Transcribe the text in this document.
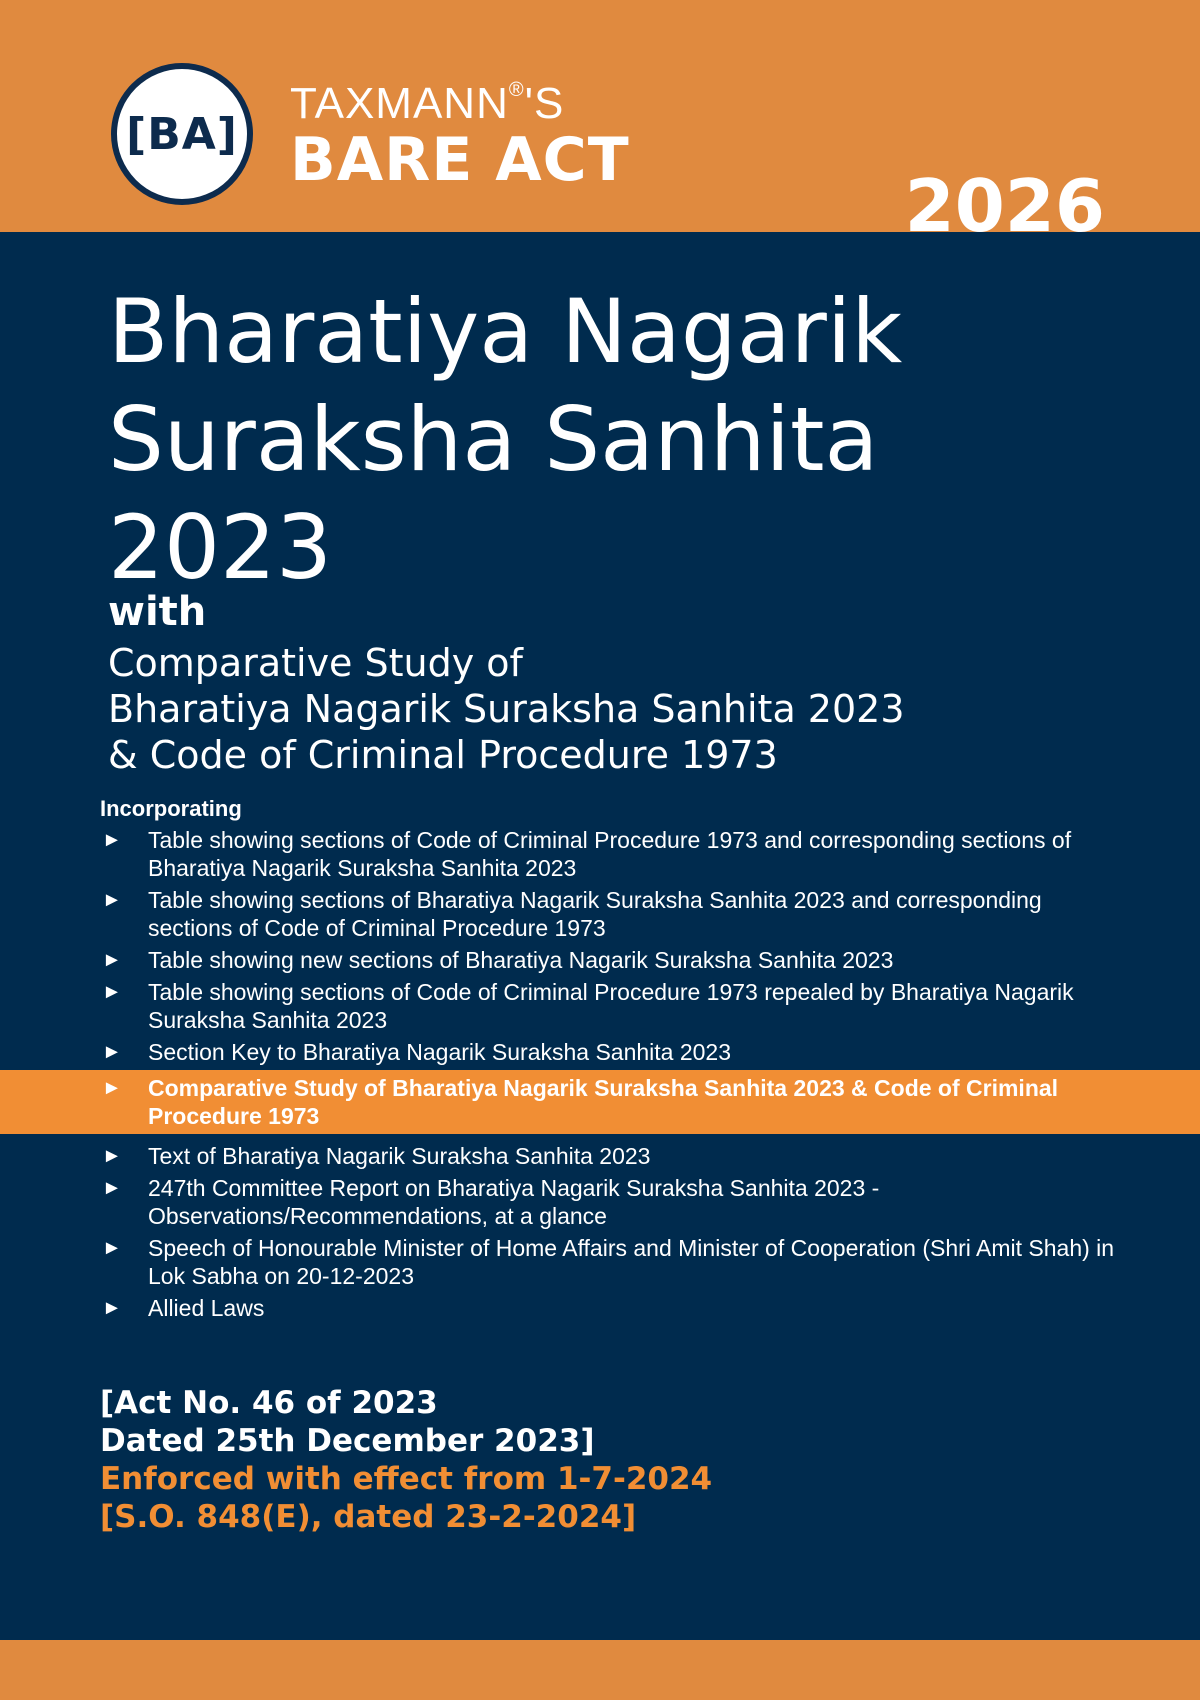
[BA]
TAXMANN®'S
BARE ACT
2026
Bharatiya Nagarik
Suraksha Sanhita
2023
with
Comparative Study of
Bharatiya Nagarik Suraksha Sanhita 2023
& Code of Criminal Procedure 1973
Incorporating
► Table showing sections of Code of Criminal Procedure 1973 and corresponding sections of Bharatiya Nagarik Suraksha Sanhita 2023
► Table showing sections of Bharatiya Nagarik Suraksha Sanhita 2023 and corresponding sections of Code of Criminal Procedure 1973
► Table showing new sections of Bharatiya Nagarik Suraksha Sanhita 2023
► Table showing sections of Code of Criminal Procedure 1973 repealed by Bharatiya Nagarik Suraksha Sanhita 2023
► Section Key to Bharatiya Nagarik Suraksha Sanhita 2023
► Comparative Study of Bharatiya Nagarik Suraksha Sanhita 2023 & Code of Criminal Procedure 1973
► Text of Bharatiya Nagarik Suraksha Sanhita 2023
► 247th Committee Report on Bharatiya Nagarik Suraksha Sanhita 2023 - Observations/Recommendations, at a glance
► Speech of Honourable Minister of Home Affairs and Minister of Cooperation (Shri Amit Shah) in Lok Sabha on 20-12-2023
► Allied Laws
[Act No. 46 of 2023
Dated 25th December 2023]
Enforced with effect from 1-7-2024
[S.O. 848(E), dated 23-2-2024]
